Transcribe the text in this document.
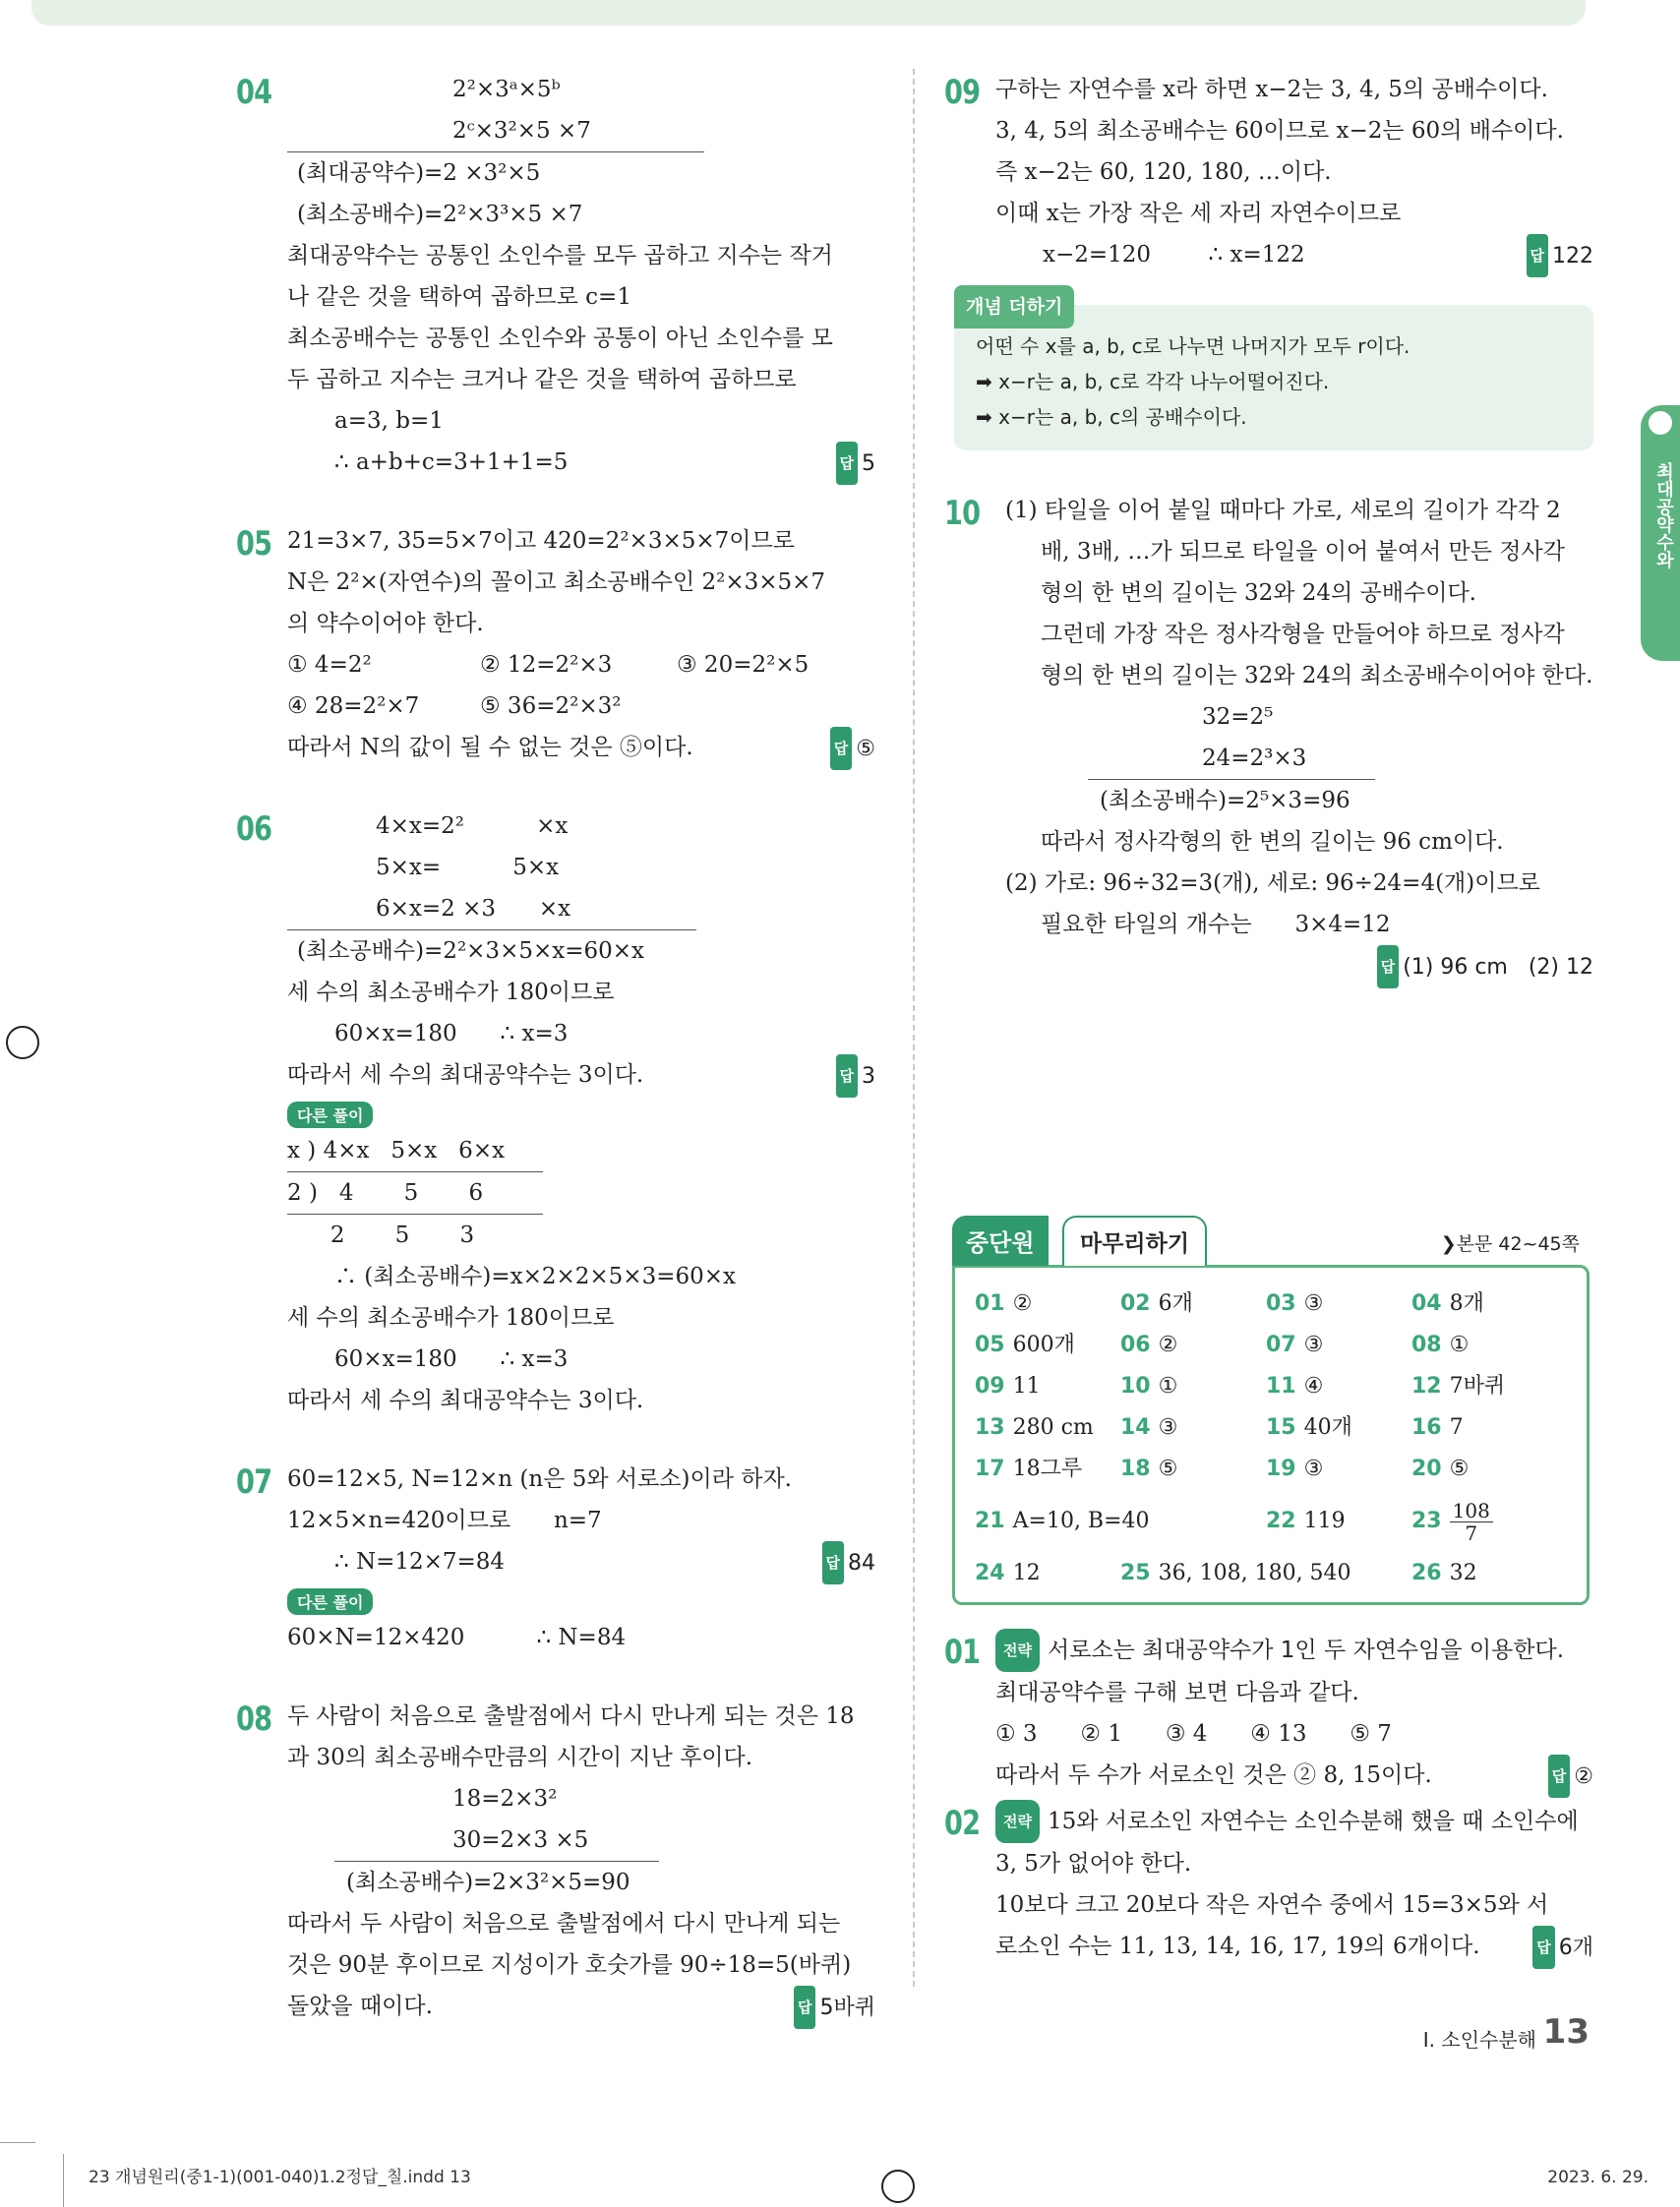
최대공약수와
04	2²×3ᵃ×5ᵇ
2ᶜ×3²×5 ×7
(최대공약수)=2 ×3²×5
(최소공배수)=2²×3³×5 ×7
최대공약수는 공통인 소인수를 모두 곱하고 지수는 작거
나 같은 것을 택하여 곱하므로 c=1
최소공배수는 공통인 소인수와 공통이 아닌 소인수를 모
두 곱하고 지수는 크거나 같은 것을 택하여 곱하므로
a=3, b=1
∴ a+b+c=3+1+1=5	답 5
05 21=3×7, 35=5×7이고 420=2²×3×5×7이므로
N은 2²×(자연수)의 꼴이고 최소공배수인 2²×3×5×7
의 약수이어야 한다.
① 4=2²	② 12=2²×3	③ 20=2²×5
④ 28=2²×7	⑤ 36=2²×3²
따라서 N의 값이 될 수 없는 것은 ⑤이다.	답 ⑤
06	4×x=2²          ×x
5×x=          5×x
6×x=2 ×3      ×x
(최소공배수)=2²×3×5×x=60×x
세 수의 최소공배수가 180이므로
60×x=180      ∴ x=3
따라서 세 수의 최대공약수는 3이다.	답 3
다른 풀이
x ) 4×x   5×x   6×x
2 )   4       5       6
2       5       3
∴ (최소공배수)=x×2×2×5×3=60×x
세 수의 최소공배수가 180이므로
60×x=180      ∴ x=3
따라서 세 수의 최대공약수는 3이다.
07 60=12×5, N=12×n (n은 5와 서로소)이라 하자.
12×5×n=420이므로      n=7
∴ N=12×7=84	답 84
다른 풀이
60×N=12×420          ∴ N=84
08 두 사람이 처음으로 출발점에서 다시 만나게 되는 것은 18
과 30의 최소공배수만큼의 시간이 지난 후이다.
18=2×3²
30=2×3 ×5
(최소공배수)=2×3²×5=90
따라서 두 사람이 처음으로 출발점에서 다시 만나게 되는
것은 90분 후이므로 지성이가 호숫가를 90÷18=5(바퀴)
돌았을 때이다.	답 5바퀴
09 구하는 자연수를 x라 하면 x−2는 3, 4, 5의 공배수이다.
3, 4, 5의 최소공배수는 60이므로 x−2는 60의 배수이다.
즉 x−2는 60, 120, 180, …이다.
이때 x는 가장 작은 세 자리 자연수이므로
x−2=120        ∴ x=122	답 122
개념 더하기
어떤 수 x를 a, b, c로 나누면 나머지가 모두 r이다.
➡ x−r는 a, b, c로 각각 나누어떨어진다.
➡ x−r는 a, b, c의 공배수이다.
10 (1) 타일을 이어 붙일 때마다 가로, 세로의 길이가 각각 2
배, 3배, …가 되므로 타일을 이어 붙여서 만든 정사각
형의 한 변의 길이는 32와 24의 공배수이다.
그런데 가장 작은 정사각형을 만들어야 하므로 정사각
형의 한 변의 길이는 32와 24의 최소공배수이어야 한다.
32=2⁵
24=2³×3
(최소공배수)=2⁵×3=96
따라서 정사각형의 한 변의 길이는 96 cm이다.
(2) 가로: 96÷32=3(개), 세로: 96÷24=4(개)이므로
필요한 타일의 개수는      3×4=12
답 (1) 96 cm   (2) 12
중단원	마무리하기	❯본문 42~45쪽
01 ②	02 6개	03 ③	04 8개
05 600개	06 ②	07 ③	08 ①
09 11	10 ①	11 ④	12 7바퀴
13 280 cm	14 ③	15 40개	16 7
17 18그루	18 ⑤	19 ③	20 ⑤
21 A=10, B=40	22 119	$23 \frac{108}{7}$
24 12	25 36, 108, 180, 540	26 32
01	전략 서로소는 최대공약수가 1인 두 자연수임을 이용한다.
최대공약수를 구해 보면 다음과 같다.
① 3      ② 1      ③ 4      ④ 13      ⑤ 7
따라서 두 수가 서로소인 것은 ② 8, 15이다.	답 ②
02	전략 15와 서로소인 자연수는 소인수분해 했을 때 소인수에
3, 5가 없어야 한다.
10보다 크고 20보다 작은 자연수 중에서 15=3×5와 서
로소인 수는 11, 13, 14, 16, 17, 19의 6개이다.	답 6개
Ⅰ. 소인수분해 13
23 개념원리(중1-1)(001-040)1.2정답_칠.indd 13	2023. 6. 29.
